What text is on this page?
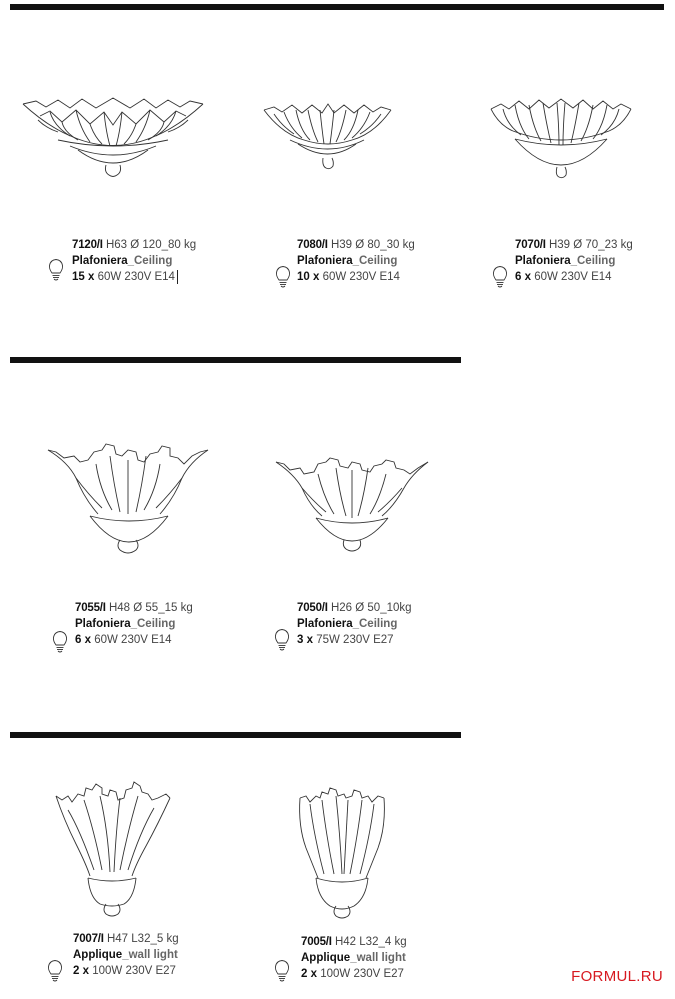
7120/I H63 Ø 120_80 kg
Plafoniera_Ceiling
15 x 60W 230V E14
7080/I H39 Ø 80_30 kg
Plafoniera_Ceiling
10 x 60W 230V E14
7070/I H39 Ø 70_23 kg
Plafoniera_Ceiling
6 x 60W 230V E14
7055/I H48 Ø 55_15 kg
Plafoniera_Ceiling
6 x 60W 230V E14
7050/I H26 Ø 50_10kg
Plafoniera_Ceiling
3 x 75W 230V E27
7007/I H47 L32_5 kg
Applique_wall light
2 x 100W 230V E27
7005/I H42 L32_4 kg
Applique_wall light
2 x 100W 230V E27	FORMUL.RU
